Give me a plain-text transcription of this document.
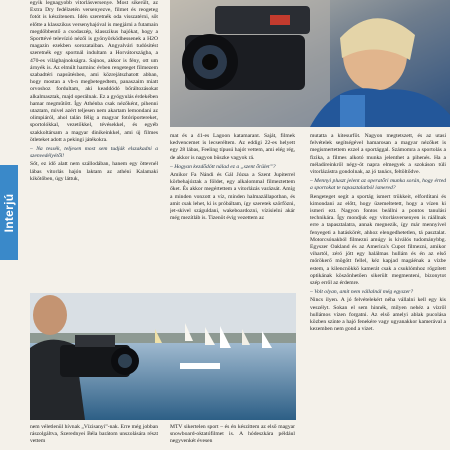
Interjú

egyik legnagyobb vitorlásversenye. Most sikerült, az Extra Dry fedélzetén versenyezve, filmet és reogeteg fotót is készítenem. Idén szeretnék oda visszatérni, sőt előtte a klasszikus versenyhajóval is megjárni a futamain megdöbbentő a csodaszép, klasszikus hajókat, hogy a Sporttévé televízió nézői is gyönyörködhessenek a H2O magazin ezekben sorozataiban. Angyalvári tudósítést szeretnék egy sportnál indultam a Horvátországba, a 470-es világbajnokságra. Sajnos, akkor is fény, ott um árnyék is. Az elmúlt harminc évben rengeteget filmezem szabadtéri napsütésben, ami közrejátszhatott abban, hogy mostan a vb-n megbetegedtem, panaszaim miatt orvoshoz fordultam, aki keaddódó bőráltozásokat alkalmasztak, majd operálnak. Ez a gyógyulás érdekében hamar megműtött. Így Athénba csak nézőként, pihenni utaztam, mivel azért teljesen nem akartam lemondani az olimpiáról, ahol talán félig a magyar fotóriportereket, sportolókkal, vezetőkkel, tévésekkel, és egyéb szakkoltársam a magyar dinikeinkkel, ami új filmes ötleteket adott a pekingi játékokra.

– Na tessék, teljesen most sem tudják elszakadni a szenvedélyétől!

Sőt, ez idő alatt nem szállodában, hanem egy öttevnél lábas vitorlás hajón laktam az athéni Kalamaki kikötőben, úgy láttuk,

mat és a 41-es Lagoon katamarant. Saját, filmek kedvencemet is lecseréltem. Az eddigi 22-es helyett egy 28 lábas, Feeling típusú hajót vettem, ami elég rég, de akkor is nagyon büszke vagyok rá.

– Hogyan kezdődött nálad ez a „szent őrület”?

Amikor Fa Nándi és Gál Józsa a Szent Jupiterrel körbehajóztak a földet, egy alkalommal filmeztettem őket. És akkor megértettem a vitorlázás varázsát. Amíg a minden vonzott a víz, minden halmazállapotban, és amit csak lehet, ki is próbáltam, így szeretek szörfözni, jet-skivel száguldani, wakeboardozni, vízisielni akár még mezítláb is. Tizenöt évig vezettem az

mutatta a kitesurföt. Nagyon megtetszett, és az utasi felvételek segítségével hamarosan a magyar nézőket is megismertettem ezzel a sportággal. Számomra a sportolás a fizika, a filmes alkotó munka jelenthet a pihenés. Ha a méladíreinkről négy-öt napra elmegyek a szokáson túli vitorlázástra gondolnak, az jó tanács, feltöltődve.

– Mennyi pluszt jelent az operatőri munka során, hogy érted a sportokat te tapasztalatból ismered?

Rengeteget segít a sportág ismert trükkeit, elfordítani és kimondani az előtt, hogy üzemeltetett, hogy a vízen ki ismeri ezt. Nagyon fontos beállni a pontos tanulási technikára. Így mondjuk egy vitorlásversenyen is ráállnak erre a tapasztalatra, annak megnezik, így már mennyivel fenyegeti a hatáskörét, ahhoz elengedhetetlen, tá pasztalat. Motorcsónakból filmezni amúgy is kiválós tudománybbg. Egyszer Oakland és az America's Cupot filmezni, amikor vihartól, zéró jött egy halálmas hullám és én az első mörökerő mögött fellel, kéz kapjad magáénak a vízbe estem, a kilencnökkö kamerát csak a csuklómhoz rögzített optikának köszönhetően sikerült megmenteni, bizonytot szép erről az érdemre.

– Volt olyan, amit nem vállalnál még egyszer?

Nincs ilyen. A jó felvételekért néha vállalni kell egy kis veszélyt. Sokan el sem hinnék, milyen nehéz a vízről hullámos vízen forgatni. Az első amelyi ablak pucolása közben szinte a hajó fenekére vagy ugyanakkor kamerával a kezemben nem gond a vizet.

nem véletlenül hívnak „Vízisanyi”-nak. Erre még jobban rászolgáltva, Szerednyei Béla barátom unszolására részt vettem

MTV sikertelen sport – és én készíttem az első magyar snowboard-oktatófilmet is. A hódeszkára például negyvenkét évesen
